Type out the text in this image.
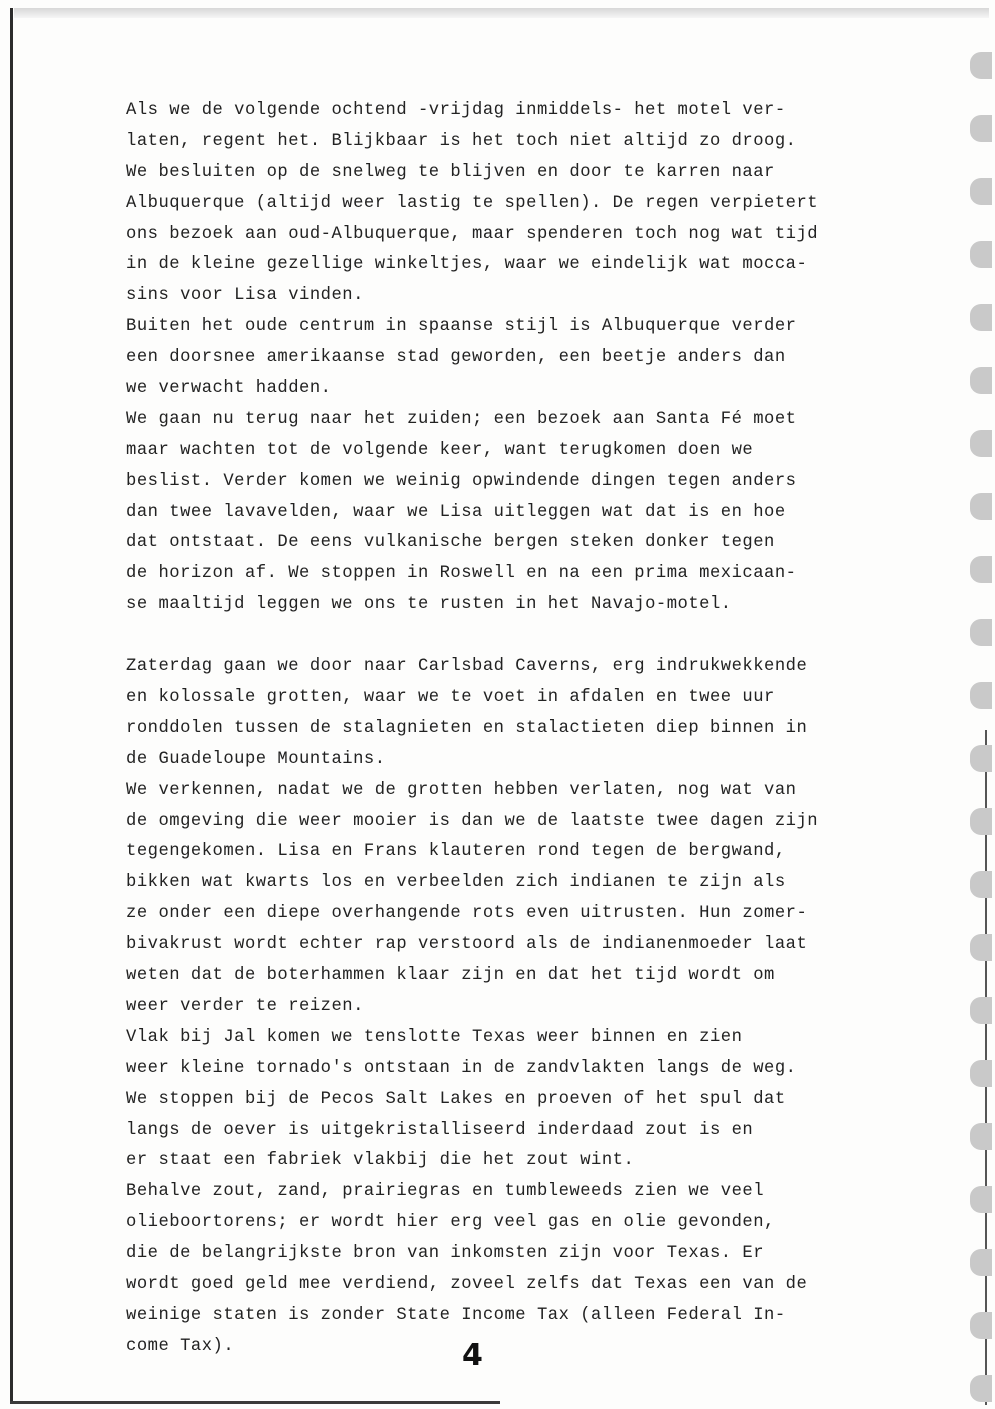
Als we de volgende ochtend -vrijdag inmiddels- het motel ver-
laten, regent het. Blijkbaar is het toch niet altijd zo droog.
We besluiten op de snelweg te blijven en door te karren naar
Albuquerque (altijd weer lastig te spellen). De regen verpietert
ons bezoek aan oud-Albuquerque, maar spenderen toch nog wat tijd
in de kleine gezellige winkeltjes, waar we eindelijk wat mocca-
sins voor Lisa vinden.
Buiten het oude centrum in spaanse stijl is Albuquerque verder
een doorsnee amerikaanse stad geworden, een beetje anders dan
we verwacht hadden.
We gaan nu terug naar het zuiden; een bezoek aan Santa Fé moet
maar wachten tot de volgende keer, want terugkomen doen we
beslist. Verder komen we weinig opwindende dingen tegen anders
dan twee lavavelden, waar we Lisa uitleggen wat dat is en hoe
dat ontstaat. De eens vulkanische bergen steken donker tegen
de horizon af. We stoppen in Roswell en na een prima mexicaan-
se maaltijd leggen we ons te rusten in het Navajo-motel.
Zaterdag gaan we door naar Carlsbad Caverns, erg indrukwekkende
en kolossale grotten, waar we te voet in afdalen en twee uur
ronddolen tussen de stalagnieten en stalactieten diep binnen in
de Guadeloupe Mountains.
We verkennen, nadat we de grotten hebben verlaten, nog wat van
de omgeving die weer mooier is dan we de laatste twee dagen zijn
tegengekomen. Lisa en Frans klauteren rond tegen de bergwand,
bikken wat kwarts los en verbeelden zich indianen te zijn als
ze onder een diepe overhangende rots even uitrusten. Hun zomer-
bivakrust wordt echter rap verstoord als de indianenmoeder laat
weten dat de boterhammen klaar zijn en dat het tijd wordt om
weer verder te reizen.
Vlak bij Jal komen we tenslotte Texas weer binnen en zien
weer kleine tornado's ontstaan in de zandvlakten langs de weg.
We stoppen bij de Pecos Salt Lakes en proeven of het spul dat
langs de oever is uitgekristalliseerd inderdaad zout is en
er staat een fabriek vlakbij die het zout wint.
Behalve zout, zand, prairiegras en tumbleweeds zien we veel
olieboortorens; er wordt hier erg veel gas en olie gevonden,
die de belangrijkste bron van inkomsten zijn voor Texas. Er
wordt goed geld mee verdiend, zoveel zelfs dat Texas een van de
weinige staten is zonder State Income Tax (alleen Federal In-
come Tax).	4
